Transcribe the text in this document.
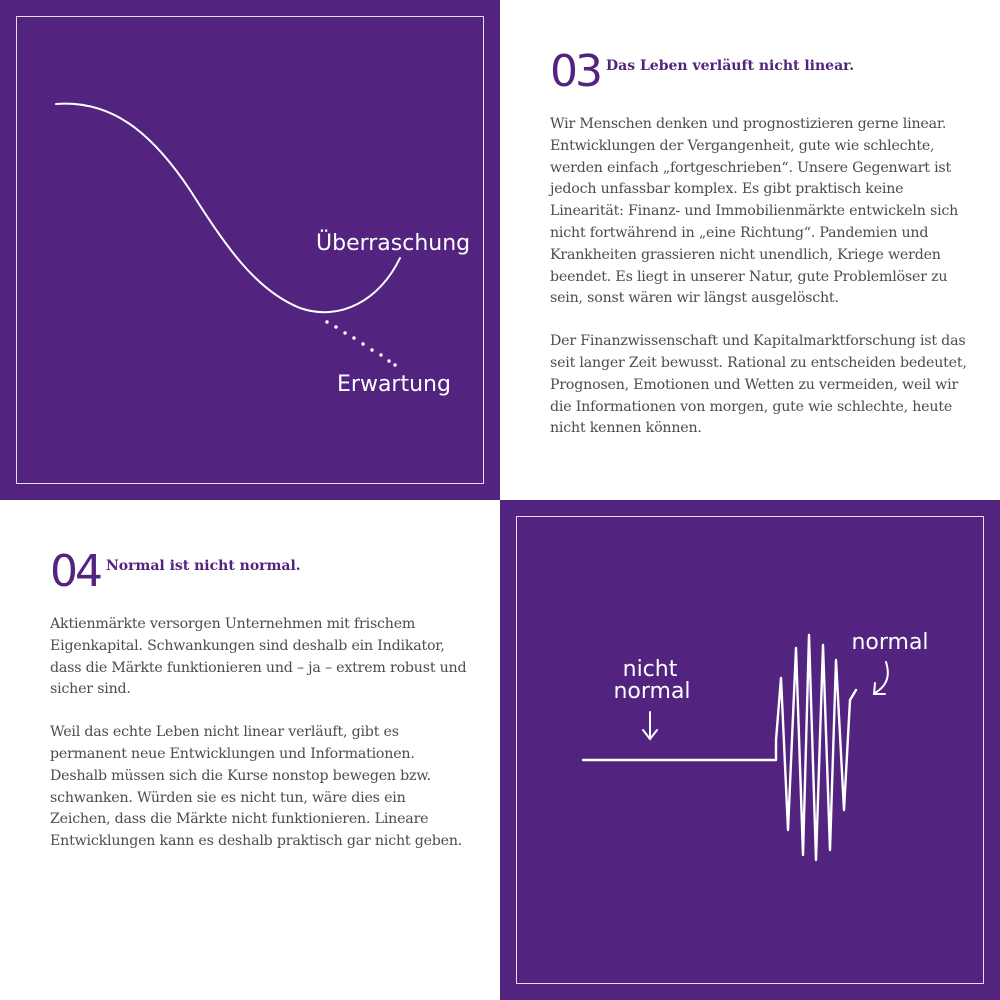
Überraschung
Erwartung
03 Das Leben verläuft nicht linear.

Wir Menschen denken und prognostizieren gerne linear. Entwicklungen der Vergangenheit, gute wie schlechte, werden einfach „fortgeschrieben“. Unsere Gegenwart ist jedoch unfassbar komplex. Es gibt praktisch keine Linearität: Finanz- und Immobilienmärkte entwickeln sich nicht fortwährend in „eine Richtung“. Pandemien und Krankheiten grassieren nicht unendlich, Kriege werden beendet. Es liegt in unserer Natur, gute Problemlöser zu sein, sonst wären wir längst ausgelöscht.

Der Finanzwissenschaft und Kapitalmarktforschung ist das seit langer Zeit bewusst. Rational zu entscheiden bedeutet, Prognosen, Emotionen und Wetten zu vermeiden, weil wir die Informationen von morgen, gute wie schlechte, heute nicht kennen können.

04 Normal ist nicht normal.

Aktienmärkte versorgen Unternehmen mit frischem Eigenkapital. Schwankungen sind deshalb ein Indikator, dass die Märkte funktionieren und – ja – extrem robust und sicher sind.

Weil das echte Leben nicht linear verläuft, gibt es permanent neue Entwicklungen und Informationen. Deshalb müssen sich die Kurse nonstop bewegen bzw. schwanken. Würden sie es nicht tun, wäre dies ein Zeichen, dass die Märkte nicht funktionieren. Lineare Entwicklungen kann es deshalb praktisch gar nicht geben.

nicht
normal
normal
